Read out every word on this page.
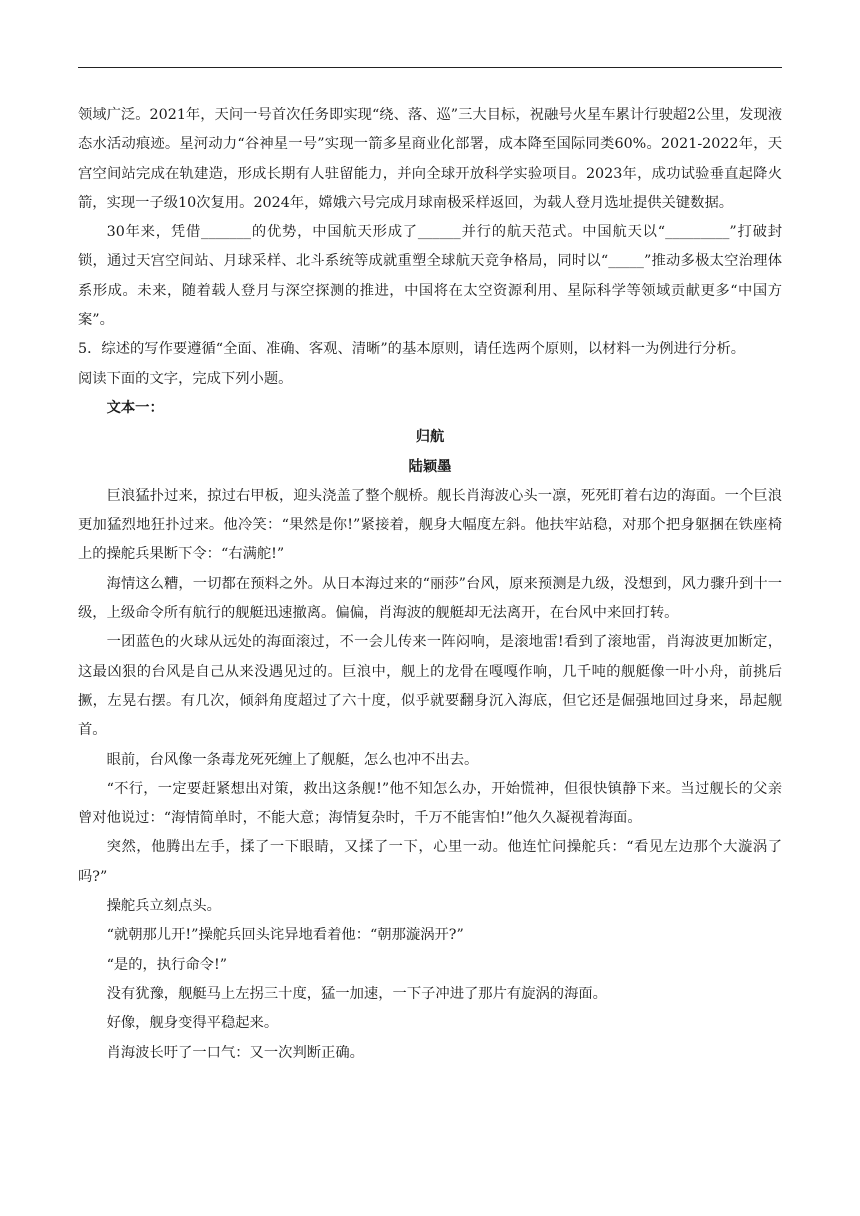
领域广泛。2021年，天问一号首次任务即实现“绕、落、巡”三大目标，祝融号火星车累计行驶超2公里，发现液态水活动痕迹。星河动力“谷神星一号”实现一箭多星商业化部署，成本降至国际同类60%。2021-2022年，天宫空间站完成在轨建造，形成长期有人驻留能力，并向全球开放科学实验项目。2023年，成功试验垂直起降火箭，实现一子级10次复用。2024年，嫦娥六号完成月球南极采样返回，为载人登月选址提供关键数据。

30年来，凭借_______的优势，中国航天形成了______并行的航天范式。中国航天以“_________”打破封锁，通过天宫空间站、月球采样、北斗系统等成就重塑全球航天竞争格局，同时以“_____”推动多极太空治理体系形成。未来，随着载人登月与深空探测的推进，中国将在太空资源利用、星际科学等领域贡献更多“中国方案”。

5．综述的写作要遵循“全面、准确、客观、清晰”的基本原则，请任选两个原则，以材料一为例进行分析。

阅读下面的文字，完成下列小题。

文本一：

归航

陆颖墨

巨浪猛扑过来，掠过右甲板，迎头浇盖了整个舰桥。舰长肖海波心头一凛，死死盯着右边的海面。一个巨浪更加猛烈地狂扑过来。他冷笑：“果然是你!”紧接着，舰身大幅度左斜。他扶牢站稳，对那个把身躯捆在铁座椅上的操舵兵果断下令：“右满舵!”

海情这么糟，一切都在预料之外。从日本海过来的“丽莎”台风，原来预测是九级，没想到，风力骤升到十一级，上级命令所有航行的舰艇迅速撤离。偏偏，肖海波的舰艇却无法离开，在台风中来回打转。

一团蓝色的火球从远处的海面滚过，不一会儿传来一阵闷响，是滚地雷!看到了滚地雷，肖海波更加断定，这最凶狠的台风是自己从来没遇见过的。巨浪中，舰上的龙骨在嘎嘎作响，几千吨的舰艇像一叶小舟，前挑后撅，左晃右摆。有几次，倾斜角度超过了六十度，似乎就要翻身沉入海底，但它还是倔强地回过身来，昂起舰首。

眼前，台风像一条毒龙死死缠上了舰艇，怎么也冲不出去。

“不行，一定要赶紧想出对策，救出这条舰!”他不知怎么办，开始慌神，但很快镇静下来。当过舰长的父亲曾对他说过：“海情简单时，不能大意；海情复杂时，千万不能害怕!”他久久凝视着海面。

突然，他腾出左手，揉了一下眼睛，又揉了一下，心里一动。他连忙问操舵兵：“看见左边那个大漩涡了吗?”

操舵兵立刻点头。

“就朝那儿开!”操舵兵回头诧异地看着他：“朝那漩涡开?”

“是的，执行命令!”

没有犹豫，舰艇马上左拐三十度，猛一加速，一下子冲进了那片有旋涡的海面。

好像，舰身变得平稳起来。

肖海波长吁了一口气：又一次判断正确。
